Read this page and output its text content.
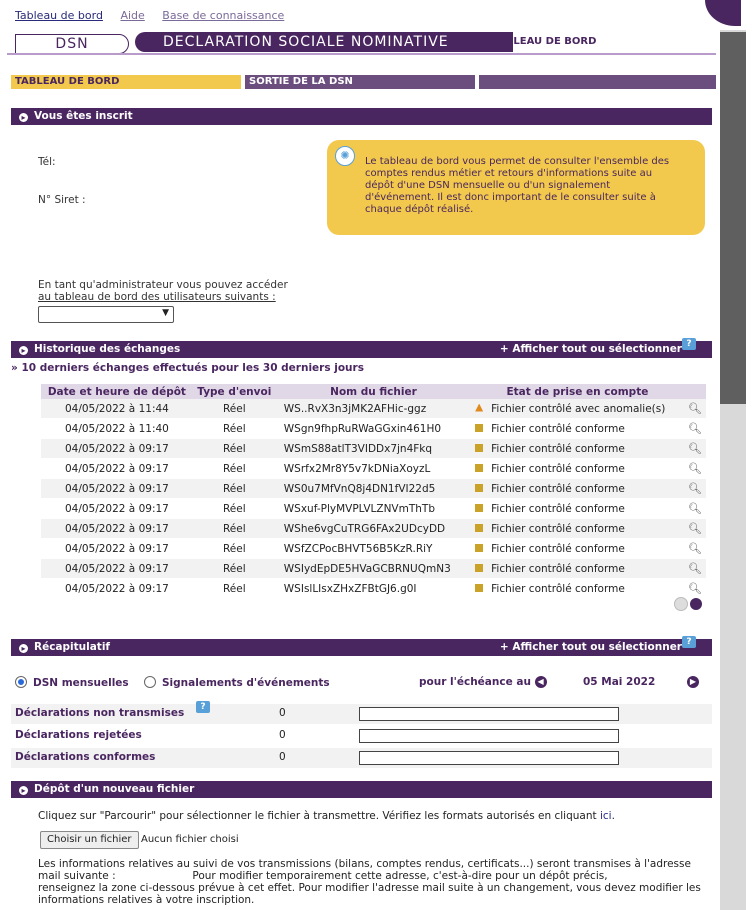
Tableau de bord Aide Base de connaissance
DSN	DECLARATION SOCIALE NOMINATIVE	TABLEAU DE BORD
TABLEAU DE BORD	SORTIE DE LA DSN
▸ Vous êtes inscrit
Tél:
N° Siret :
✺	Le tableau de bord vous permet de consulter l'ensemble des comptes rendus métier et retours d'informations suite au dépôt d'une DSN mensuelle ou d'un signalement d'événement. Il est donc important de le consulter suite à chaque dépôt réalisé.
En tant qu'administrateur vous pouvez accéder
au tableau de bord des utilisateurs suivants :
▼
▸ Historique des échanges	+ Afficher tout ou sélectionner ?
» 10 derniers échanges effectués pour les 30 derniers jours
Date et heure de dépôt	Type d'envoi	Nom du fichier	Etat de prise en compte	
04/05/2022 à 11:44	Réel	WS..RvX3n3jMK2AFHic-ggz	Fichier contrôlé avec anomalie(s)	🔍︎
04/05/2022 à 11:40	Réel	WSgn9fhpRuRWaGGxin461H0	Fichier contrôlé conforme	🔍︎
04/05/2022 à 09:17	Réel	WSmS88atlT3VIDDx7jn4Fkq	Fichier contrôlé conforme	🔍︎
04/05/2022 à 09:17	Réel	WSrfx2Mr8Y5v7kDNiaXoyzL	Fichier contrôlé conforme	🔍︎
04/05/2022 à 09:17	Réel	WS0u7MfVnQ8j4DN1fVI22d5	Fichier contrôlé conforme	🔍︎
04/05/2022 à 09:17	Réel	WSxuf-PlyMVPLVLZNVmThTb	Fichier contrôlé conforme	🔍︎
04/05/2022 à 09:17	Réel	WShe6vgCuTRG6FAx2UDcyDD	Fichier contrôlé conforme	🔍︎
04/05/2022 à 09:17	Réel	WSfZCPocBHVT56B5KzR.RiY	Fichier contrôlé conforme	🔍︎
04/05/2022 à 09:17	Réel	WSIydEpDE5HVaGCBRNUQmN3	Fichier contrôlé conforme	🔍︎
04/05/2022 à 09:17	Réel	WSIslLIsxZHxZFBtGJ6.g0I	Fichier contrôlé conforme	🔍︎
▸ Récapitulatif	+ Afficher tout ou sélectionner ?
DSN mensuelles	Signalements d'événements	pour l'échéance au ◀	05 Mai 2022	▶
Déclarations non transmises	?	0
Déclarations rejetées	0
Déclarations conformes	0
▸ Dépôt d'un nouveau fichier
Cliquez sur "Parcourir" pour sélectionner le fichier à transmettre. Vérifiez les formats autorisés en cliquant ici.
Choisir un fichier Aucun fichier choisi
Les informations relatives au suivi de vos transmissions (bilans, comptes rendus, certificats...) seront transmises à l'adresse
mail suivante :                       Pour modifier temporairement cette adresse, c'est-à-dire pour un dépôt précis,
renseignez la zone ci-dessous prévue à cet effet. Pour modifier l'adresse mail suite à un changement, vous devez modifier les
informations relatives à votre inscription.
